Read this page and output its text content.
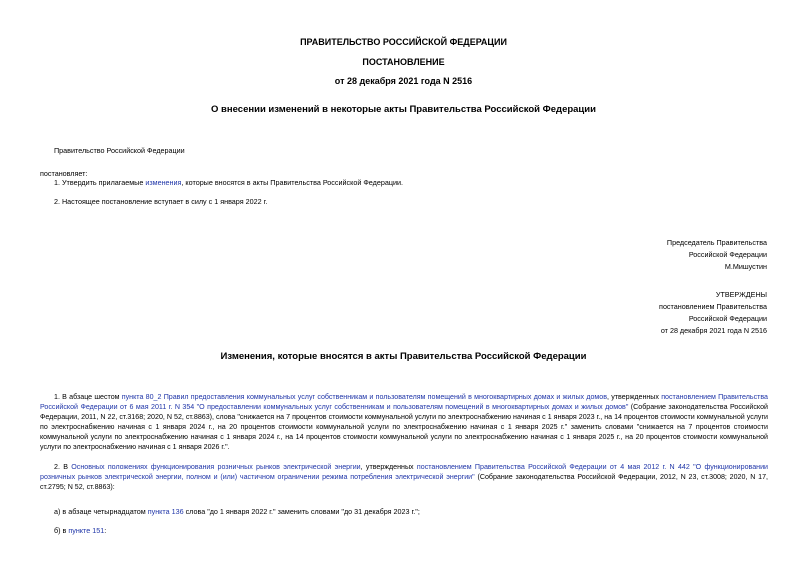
ПРАВИТЕЛЬСТВО РОССИЙСКОЙ ФЕДЕРАЦИИ
ПОСТАНОВЛЕНИЕ
от 28 декабря 2021 года N 2516
О внесении изменений в некоторые акты Правительства Российской Федерации
Правительство Российской Федерации
постановляет:
1. Утвердить прилагаемые изменения, которые вносятся в акты Правительства Российской Федерации.
2. Настоящее постановление вступает в силу с 1 января 2022 г.
Председатель Правительства
Российской Федерации
М.Мишустин
УТВЕРЖДЕНЫ
постановлением Правительства
Российской Федерации
от 28 декабря 2021 года N 2516
Изменения, которые вносятся в акты Правительства Российской Федерации
1. В абзаце шестом пункта 80_2 Правил предоставления коммунальных услуг собственникам и пользователям помещений в многоквартирных домах и жилых домов, утвержденных постановлением Правительства Российской Федерации от 6 мая 2011 г. N 354 "О предоставлении коммунальных услуг собственникам и пользователям помещений в многоквартирных домах и жилых домов" (Собрание законодательства Российской Федерации, 2011, N 22, ст.3168; 2020, N 52, ст.8863), слова "снижается на 7 процентов стоимости коммунальной услуги по электроснабжению начиная с 1 января 2023 г., на 14 процентов стоимости коммунальной услуги по электроснабжению начиная с 1 января 2024 г., на 20 процентов стоимости коммунальной услуги по электроснабжению начиная с 1 января 2025 г." заменить словами "снижается на 7 процентов стоимости коммунальной услуги по электроснабжению начиная с 1 января 2024 г., на 14 процентов стоимости коммунальной услуги по электроснабжению начиная с 1 января 2025 г., на 20 процентов стоимости коммунальной услуги по электроснабжению начиная с 1 января 2026 г.".
2. В Основных положениях функционирования розничных рынков электрической энергии, утвержденных постановлением Правительства Российской Федерации от 4 мая 2012 г. N 442 "О функционировании розничных рынков электрической энергии, полном и (или) частичном ограничении режима потребления электрической энергии" (Собрание законодательства Российской Федерации, 2012, N 23, ст.3008; 2020, N 17, ст.2795; N 52, ст.8863):
а) в абзаце четырнадцатом пункта 136 слова "до 1 января 2022 г." заменить словами "до 31 декабря 2023 г.";
б) в пункте 151:
